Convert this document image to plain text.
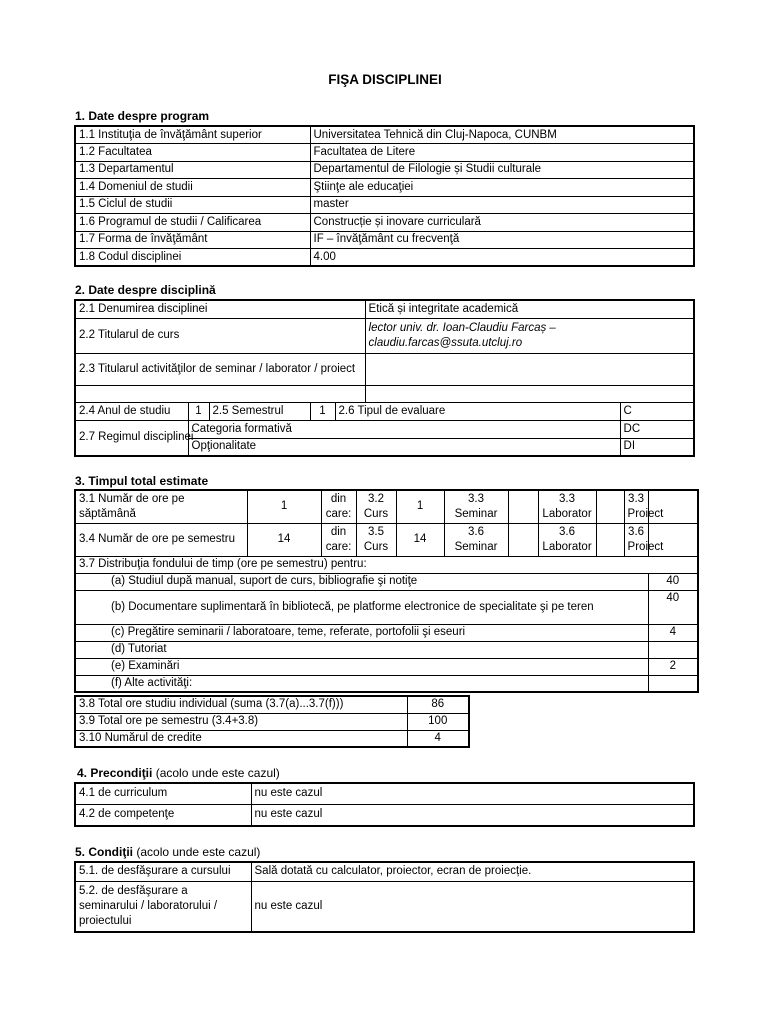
FIŞA DISCIPLINEI
1. Date despre program
1.1 Instituţia de învăţământ superior	Universitatea Tehnică din Cluj-Napoca, CUNBM
1.2 Facultatea	Facultatea de Litere
1.3 Departamentul	Departamentul de Filologie și Studii culturale
1.4 Domeniul de studii	Ştiinţe ale educaţiei
1.5 Ciclul de studii	master
1.6 Programul de studii / Calificarea	Construcție și inovare curriculară
1.7 Forma de învăţământ	IF – învăţământ cu frecvenţă
1.8 Codul disciplinei	4.00
2. Date despre disciplină
2.1 Denumirea disciplinei					Etică și integritate academică	
2.2 Titularul de curs					lector univ. dr. Ioan-Claudiu Farcaș –
claudiu.farcas@ssuta.utcluj.ro	

2.3 Titularul activităţilor de seminar / laborator / proiect						

2.4 Anul de studiu	1	2.5 Semestrul	1	2.6 Tipul de evaluare		C
2.7 Regimul disciplinei	Categoria formativă					DC
	Opţionalitate					DI
3. Timpul total estimate
3.1 Număr de ore pe săptămână	1	din care:	3.2 Curs	1	3.3 Seminar		3.3 Laborator		3.3 Proiect	
3.4 Număr de ore pe semestru	14	din care:	3.5 Curs	14	3.6 Seminar		3.6 Laborator		3.6 Proiect	
3.7 Distribuţia fondului de timp (ore pe semestru) pentru:										
(a) Studiul după manual, suport de curs, bibliografie şi notiţe										40
(b) Documentare suplimentară în bibliotecă, pe platforme electronice de specialitate şi pe teren										40
(c) Pregătire seminarii / laboratoare, teme, referate, portofolii şi eseuri										4
(d) Tutoriat										
(e) Examinări										2
(f) Alte activităţi:										
3.8 Total ore studiu individual (suma (3.7(a)...3.7(f)))	86
3.9 Total ore pe semestru (3.4+3.8)	100
3.10 Numărul de credite	4
4. Precondiţii (acolo unde este cazul)
4.1 de curriculum	nu este cazul
4.2 de competenţe	nu este cazul
5. Condiţii (acolo unde este cazul)
5.1. de desfăşurare a cursului	Sală dotată cu calculator, proiector, ecran de proiecție.
5.2. de desfăşurare a seminarului / laboratorului / proiectului	nu este cazul
